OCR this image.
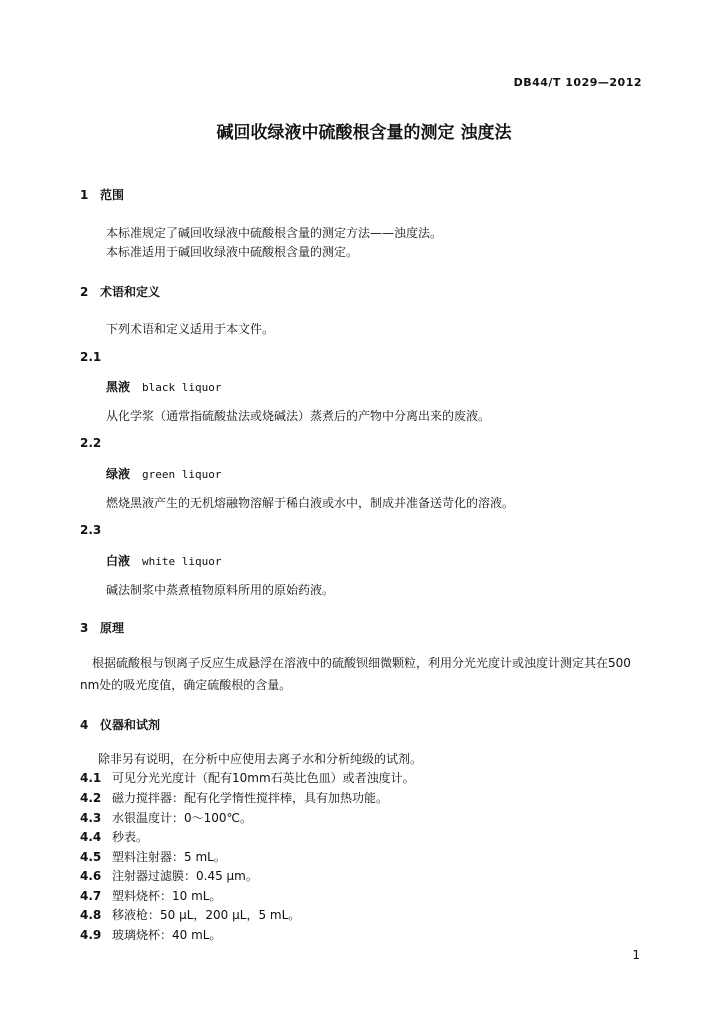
DB44/T 1029—2012
碱回收绿液中硫酸根含量的测定 浊度法
1 范围
本标准规定了碱回收绿液中硫酸根含量的测定方法——浊度法。
本标准适用于碱回收绿液中硫酸根含量的测定。
2 术语和定义
下列术语和定义适用于本文件。
2.1
黑液 black liquor
从化学浆（通常指硫酸盐法或烧碱法）蒸煮后的产物中分离出来的废液。
2.2
绿液 green liquor
燃烧黑液产生的无机熔融物溶解于稀白液或水中，制成并准备送苛化的溶液。
2.3
白液 white liquor
碱法制浆中蒸煮植物原料所用的原始药液。
3 原理
根据硫酸根与钡离子反应生成悬浮在溶液中的硫酸钡细微颗粒，利用分光光度计或浊度计测定其在500 nm处的吸光度值，确定硫酸根的含量。
4 仪器和试剂
除非另有说明，在分析中应使用去离子水和分析纯级的试剂。
4.1 可见分光光度计（配有10mm石英比色皿）或者浊度计。
4.2 磁力搅拌器：配有化学惰性搅拌棒，具有加热功能。
4.3 水银温度计：0～100℃。
4.4 秒表。
4.5 塑料注射器：5 mL。
4.6 注射器过滤膜：0.45 μm。
4.7 塑料烧杯：10 mL。
4.8 移液枪：50 μL，200 μL，5 mL。
4.9 玻璃烧杯：40 mL。
1
